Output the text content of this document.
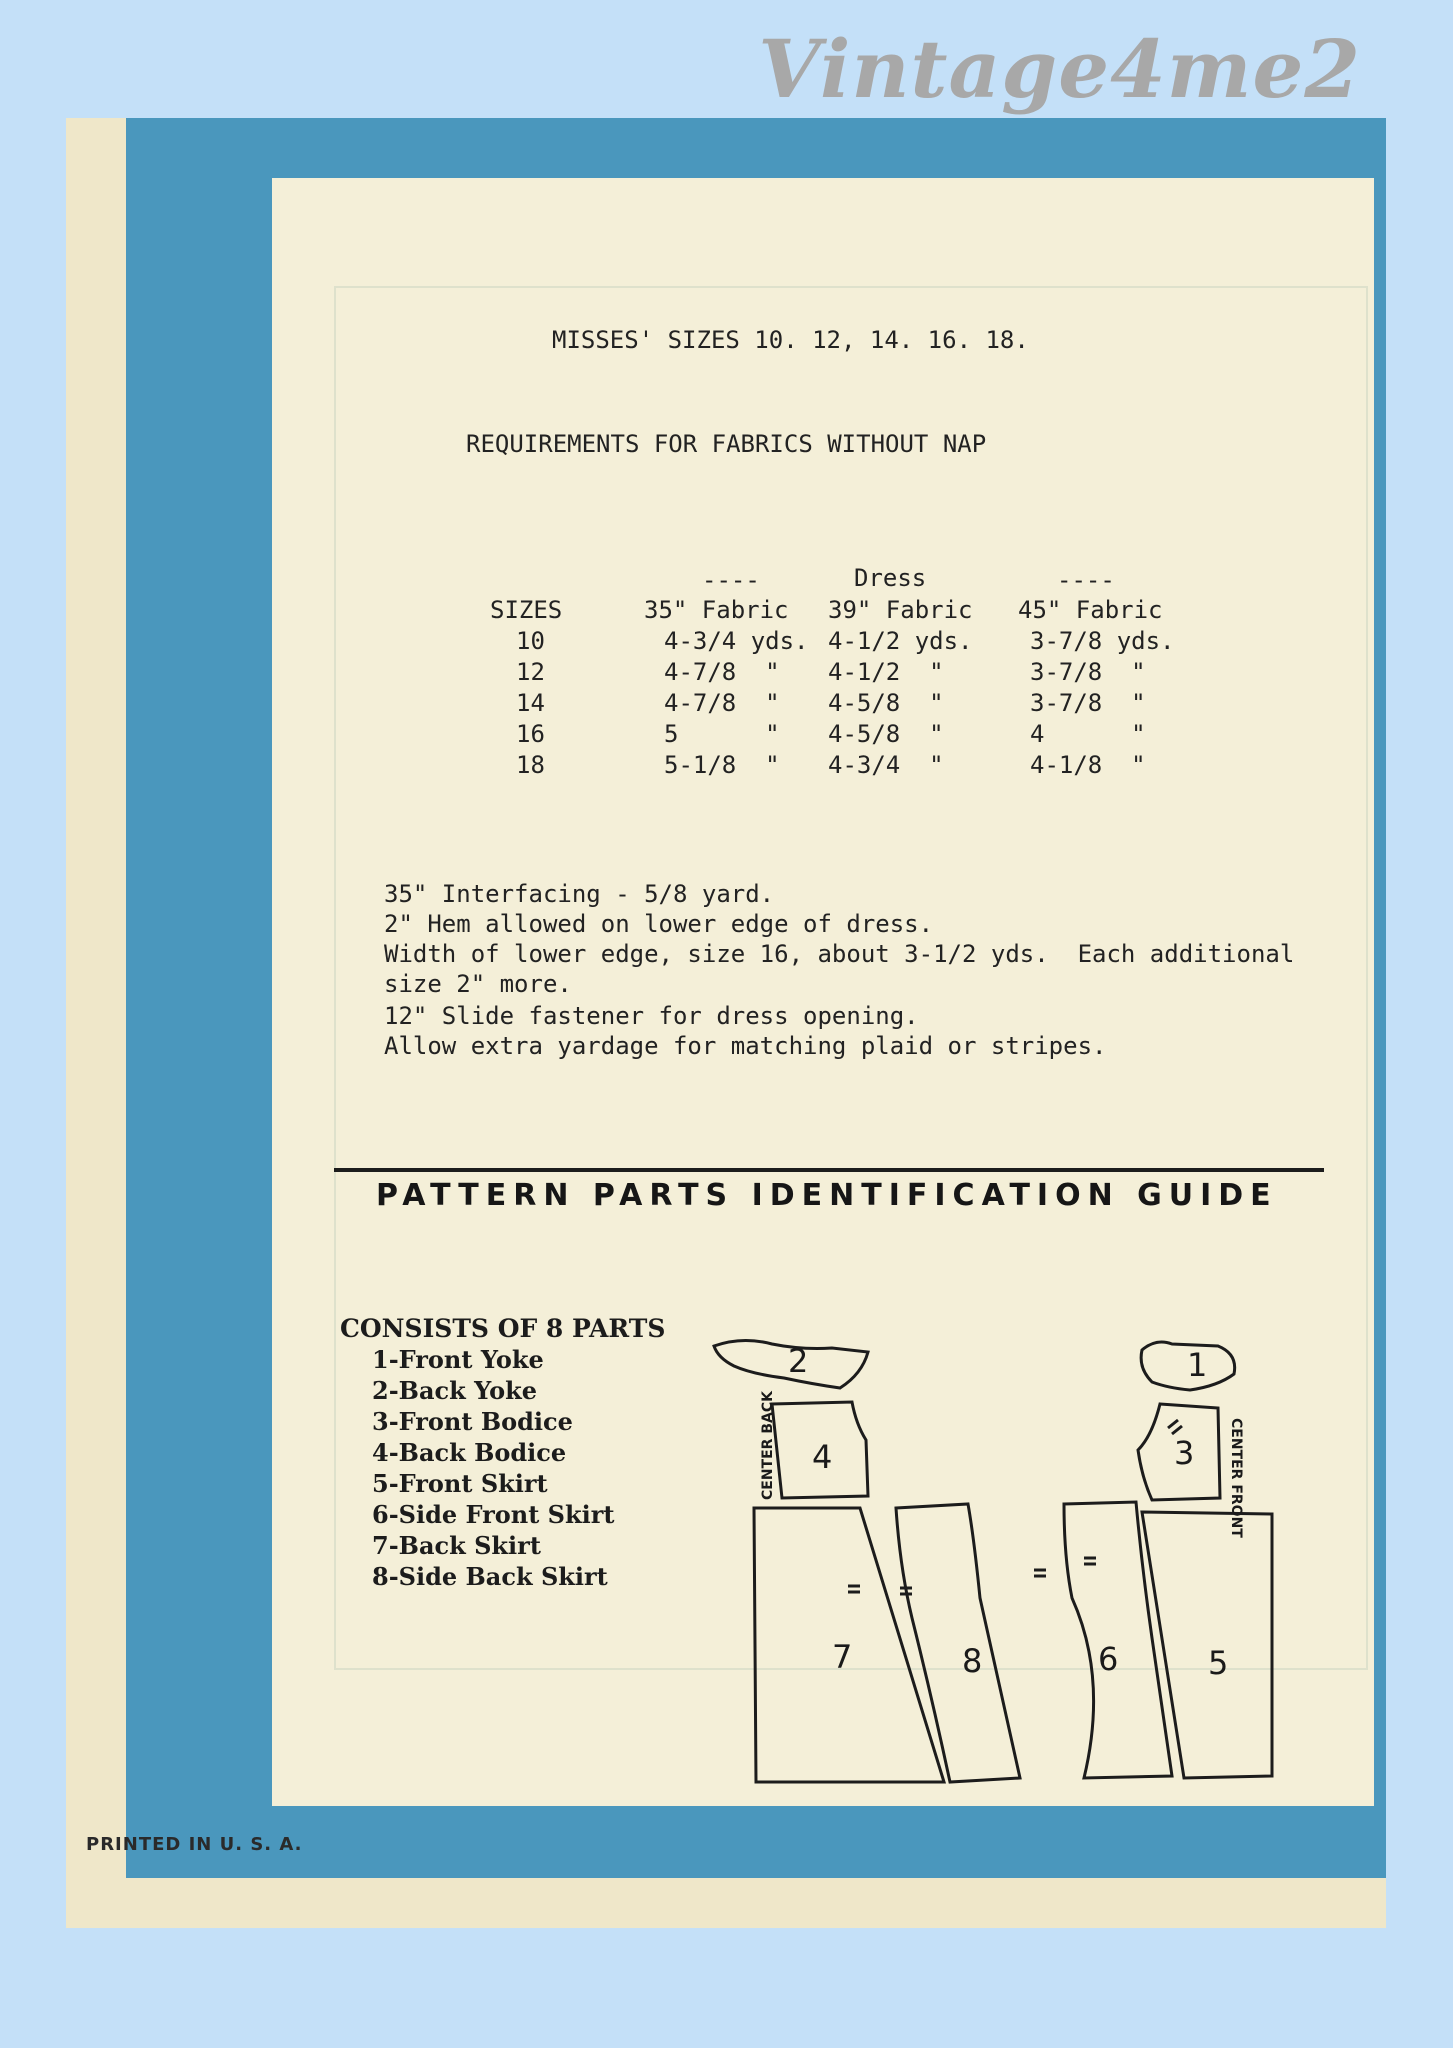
Vintage4me2
MISSES' SIZES 10. 12, 14. 16. 18.
REQUIREMENTS FOR FABRICS WITHOUT NAP
----	Dress	----
SIZES	35" Fabric 39" Fabric 45" Fabric
10	4-3/4 yds. 4-1/2 yds. 3-7/8 yds.
12	4-7/8  " 4-1/2  "	3-7/8  "
14	4-7/8  " 4-5/8  "	3-7/8  "
16	5      " 4-5/8  "	4      "
18	5-1/8  " 4-3/4  "	4-1/8  "
35" Interfacing - 5/8 yard.
2" Hem allowed on lower edge of dress.
Width of lower edge, size 16, about 3-1/2 yds.  Each additional
size 2" more.
12" Slide fastener for dress opening.
Allow extra yardage for matching plaid or stripes.
PATTERN PARTS IDENTIFICATION GUIDE
CONSISTS OF 8 PARTS
1-Front Yoke
2-Back Yoke
3-Front Bodice
4-Back Bodice
5-Front Skirt
6-Side Front Skirt
7-Back Skirt
8-Side Back Skirt
1
2
3
4
5
6
7	8
CENTER BACK	CENTER FRONT
PRINTED IN U. S. A.
